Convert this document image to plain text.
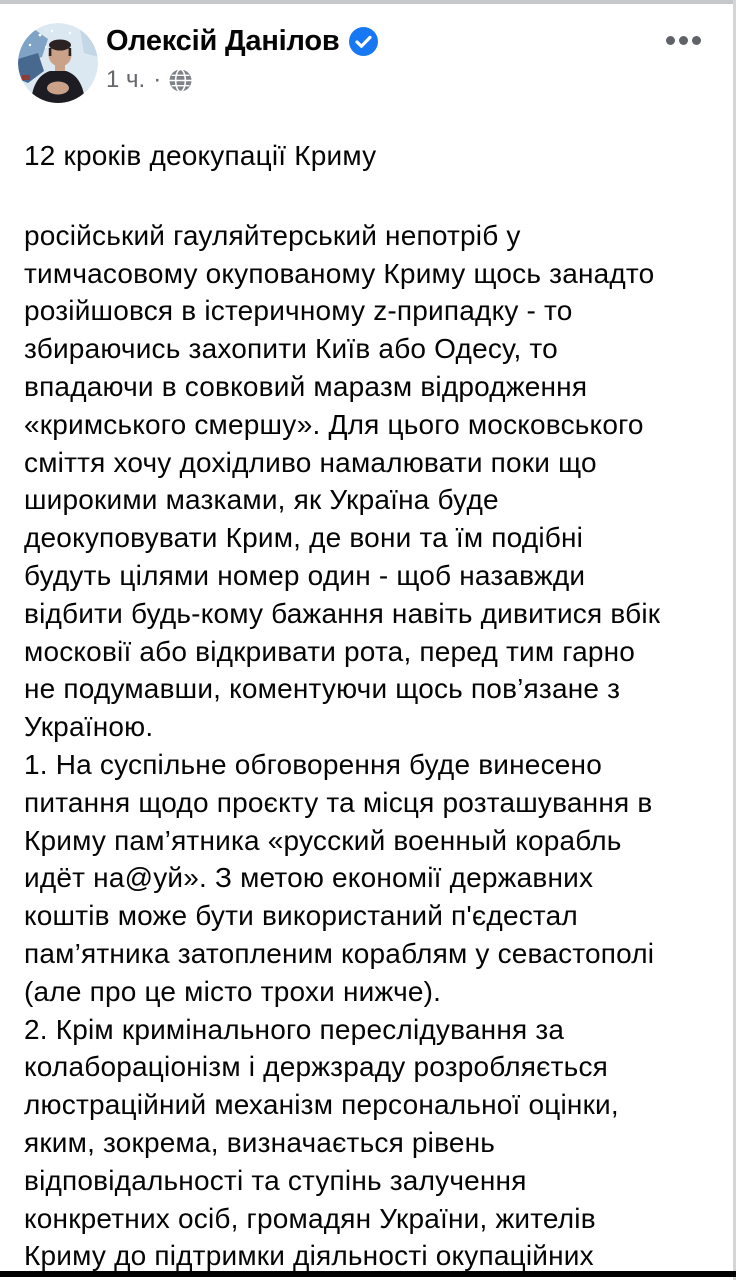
Олексій Данілов
1 ч. ·
12 кроків деокупації Криму
російський гауляйтерський непотріб у
тимчасовому окупованому Криму щось занадто
розійшовся в істеричному z-припадку - то
збираючись захопити Київ або Одесу, то
впадаючи в совковий маразм відродження
«кримського смершу». Для цього московського
сміття хочу дохідливо намалювати поки що
широкими мазками, як Україна буде
деокуповувати Крим, де вони та їм подібні
будуть цілями номер один - щоб назавжди
відбити будь-кому бажання навіть дивитися вбік
московії або відкривати рота, перед тим гарно
не подумавши, коментуючи щось пов’язане з
Україною.
1. На суспільне обговорення буде винесено
питання щодо проєкту та місця розташування в
Криму пам’ятника «русский военный корабль
идёт на@уй». З метою економії державних
коштів може бути використаний п'єдестал
пам’ятника затопленим кораблям у севастополі
(але про це місто трохи нижче).
2. Крім кримінального переслідування за
колабораціонізм і держзраду розробляється
люстраційний механізм персональної оцінки,
яким, зокрема, визначається рівень
відповідальності та ступінь залучення
конкретних осіб, громадян України, жителів
Криму до підтримки діяльності окупаційних
